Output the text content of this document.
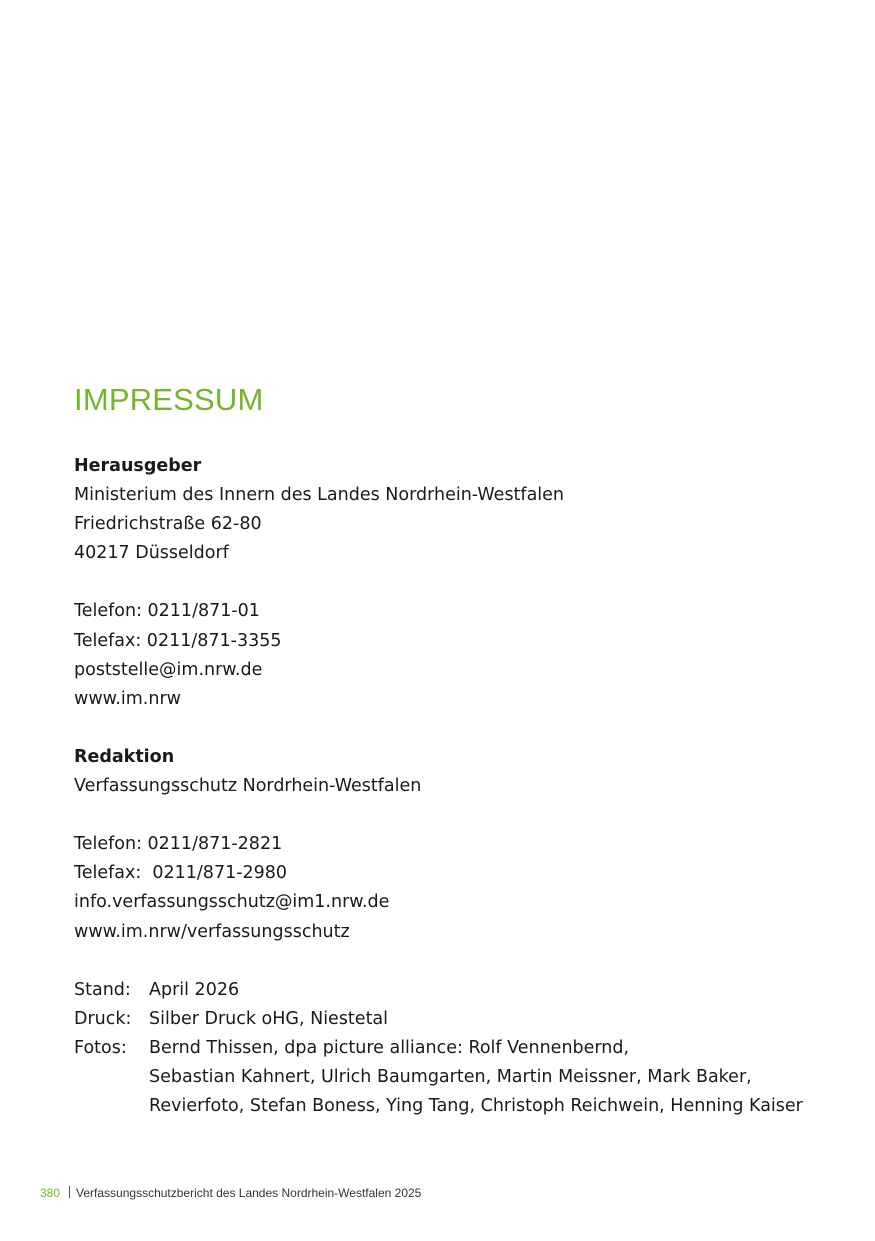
IMPRESSUM
Herausgeber
Ministerium des Innern des Landes Nordrhein-Westfalen
Friedrichstraße 62-80
40217 Düsseldorf
Telefon: 0211/871-01
Telefax: 0211/871-3355
poststelle@im.nrw.de
www.im.nrw
Redaktion
Verfassungsschutz Nordrhein-Westfalen
Telefon: 0211/871-2821
Telefax:  0211/871-2980
info.verfassungsschutz@im1.nrw.de
www.im.nrw/verfassungsschutz
Stand:	April 2026
Druck:	Silber Druck oHG, Niestetal
Fotos:	Bernd Thissen, dpa picture alliance: Rolf Vennenbernd,
Sebastian Kahnert, Ulrich Baumgarten, Martin Meissner, Mark Baker,
Revierfoto, Stefan Boness, Ying Tang, Christoph Reichwein, Henning Kaiser
380 Verfassungsschutzbericht des Landes Nordrhein-Westfalen 2025
